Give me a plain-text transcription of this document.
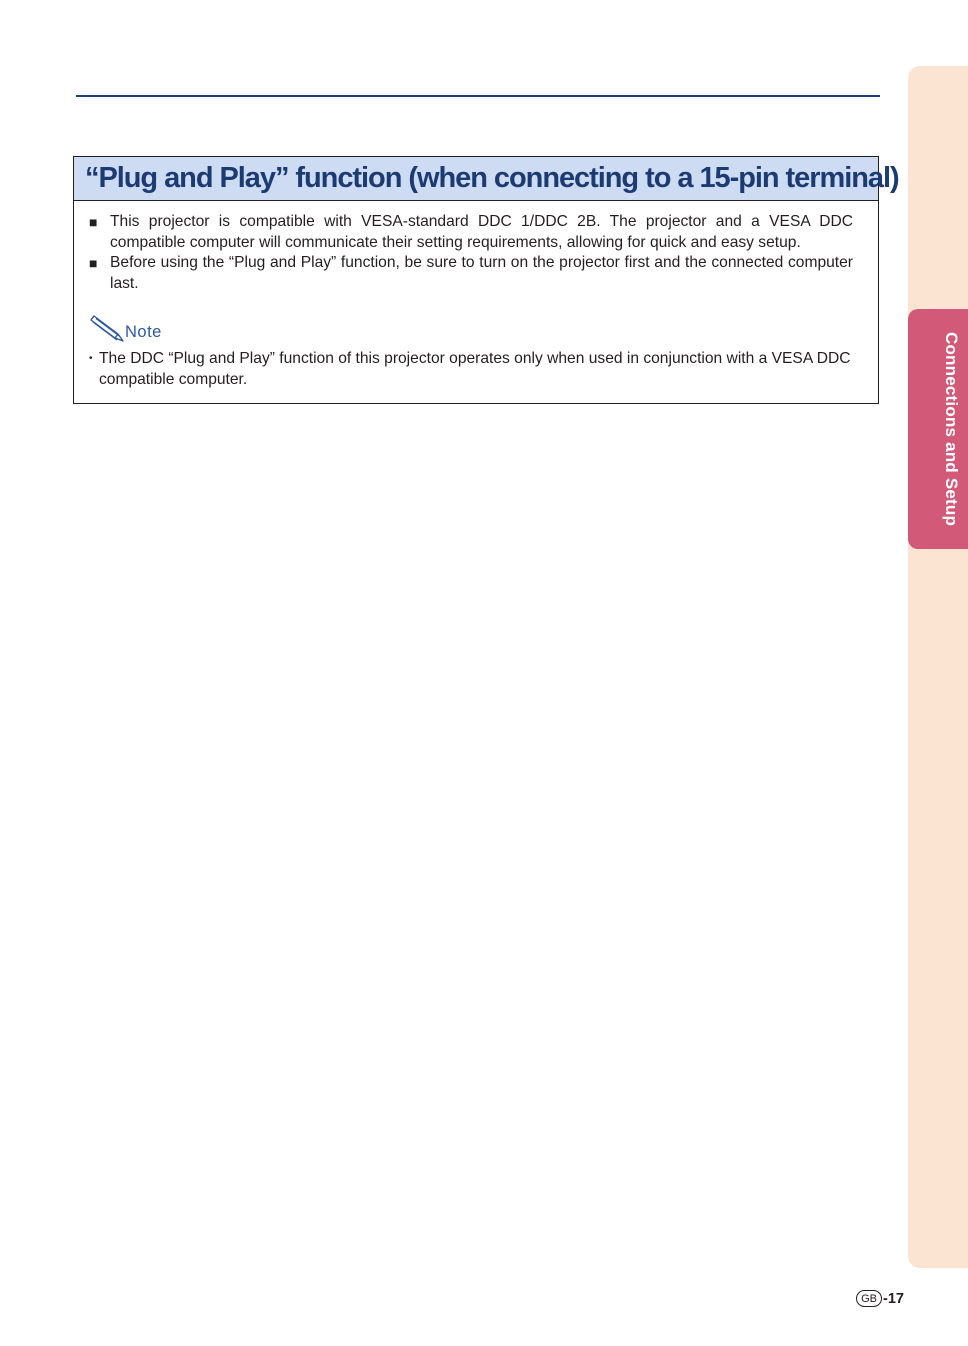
Connections and Setup
“Plug and Play” function (when connecting to a 15-pin terminal)
■ This projector is compatible with VESA-standard DDC 1/DDC 2B. The projector and a VESA DDC compatible computer will communicate their setting requirements, allowing for quick and easy setup.
■ Before using the “Plug and Play” function, be sure to turn on the projector first and the connected computer last.
Note
• The DDC “Plug and Play” function of this projector operates only when used in conjunction with a VESA DDC compatible computer.
GB -17
